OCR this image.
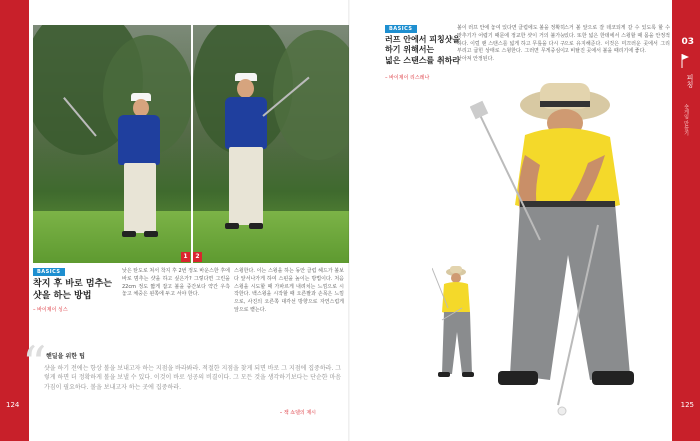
124
1	2
BASICS
착지 후 바로 멈추는
샷을 하는 방법
– 바이제이 싱스
낮은 탄도로 쳐서 착지 후 2번 정도 바운스한 후에 바로 멈추는 샷을 하고 싶은가? 그렇다면 그린을 22cm 정도 짧게 잡고 볼을 중간보다 약간 우측 놓고 체중은 왼쪽에 두고 서야 한다.
스윙한다. 이는 스윙을 하는 동안 클럽 헤드가 볼보다 앞서나가게 하여 스핀을 높이는 방법이다. 처음 스윙을 시도할 때 가파르게 내려치는 느낌으로 시작한다. 백스윙을 시작할 때 오른팔과 손목은 느낌으로, 사진의 오른쪽 대각선 방향으로 자연스럽게 앞으로 뻗는다.
“ 핸딜을 위한 팁
샷을 하기 전에는 항상 볼을 보내고자 하는 지점을 바라봐라. 적절한 지점을 찾게 되면 바로 그 지점에 집중하라. 그렇게 하면 더 정확하게 볼을 보낼 수 있다. 이것이 바로 성공의 비결이다. 그 모든 것을 생각하기보다는 단순한 마음가짐이 필요하다. 볼을 보내고자 하는 곳에 집중하라.
– 잭 쇼델의 제시
03
피칭
숏게임 만들기
125
BASICS
러프 안에서 피칭샷을
하기 위해서는
넓은 스탠스를 취하라
– 바이제이 리스레나
볼이 러프 안에 놓여 있다면 클럽에도 볼을 정확히 맞추기가 어렵기 때문에 정교한 샷이 거의 불가능하다. 이럴 땐 스탠스를 넓게 하고 무릎을 다시 구부리고 굽힌 상태로 스윙한다. 그러면 무게중심이 낮아져 안정된다.
스거 볼 앞으로 잘 데코되게 갈 수 있도록 할 수 있다. 또한 넓은 한데에서 스윙할 때 몸을 안정적으로 유지해준다. 이것은 미끄러운 곳에서 그리고 비탈진 곳에서 볼을 때리기에 좋다.
